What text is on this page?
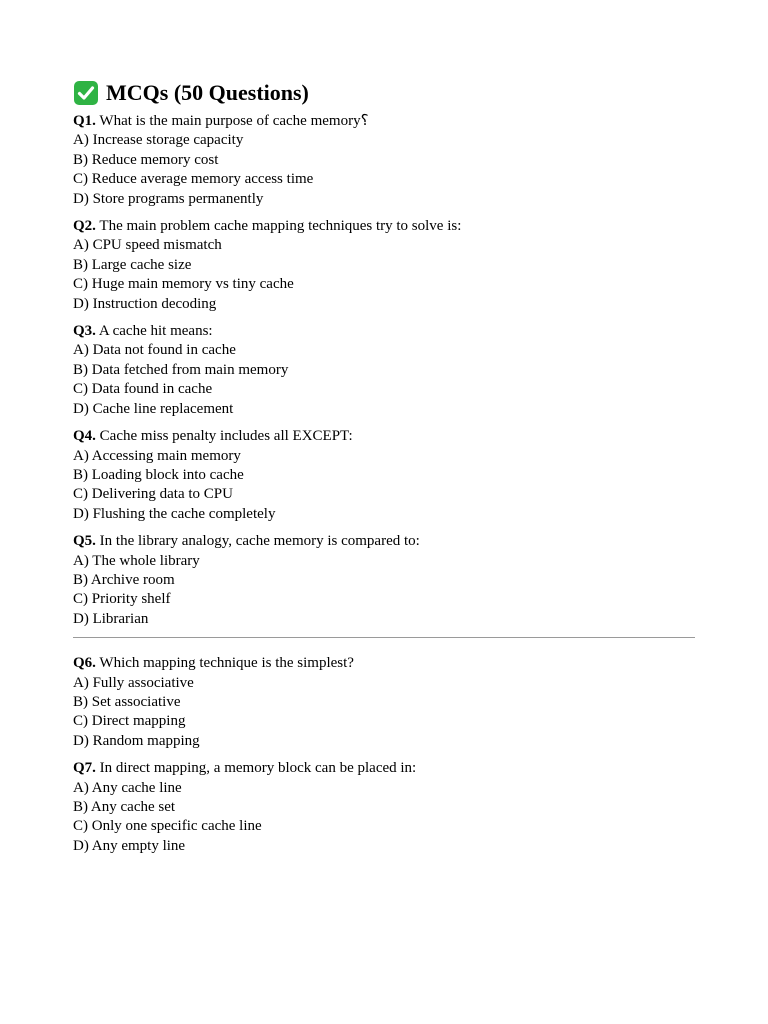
MCQs (50 Questions)
Q1. What is the main purpose of cache memory؟
A) Increase storage capacity
B) Reduce memory cost
C) Reduce average memory access time
D) Store programs permanently
Q2. The main problem cache mapping techniques try to solve is:
A) CPU speed mismatch
B) Large cache size
C) Huge main memory vs tiny cache
D) Instruction decoding
Q3. A cache hit means:
A) Data not found in cache
B) Data fetched from main memory
C) Data found in cache
D) Cache line replacement
Q4. Cache miss penalty includes all EXCEPT:
A) Accessing main memory
B) Loading block into cache
C) Delivering data to CPU
D) Flushing the cache completely
Q5. In the library analogy, cache memory is compared to:
A) The whole library
B) Archive room
C) Priority shelf
D) Librarian
Q6. Which mapping technique is the simplest?
A) Fully associative
B) Set associative
C) Direct mapping
D) Random mapping
Q7. In direct mapping, a memory block can be placed in:
A) Any cache line
B) Any cache set
C) Only one specific cache line
D) Any empty line
